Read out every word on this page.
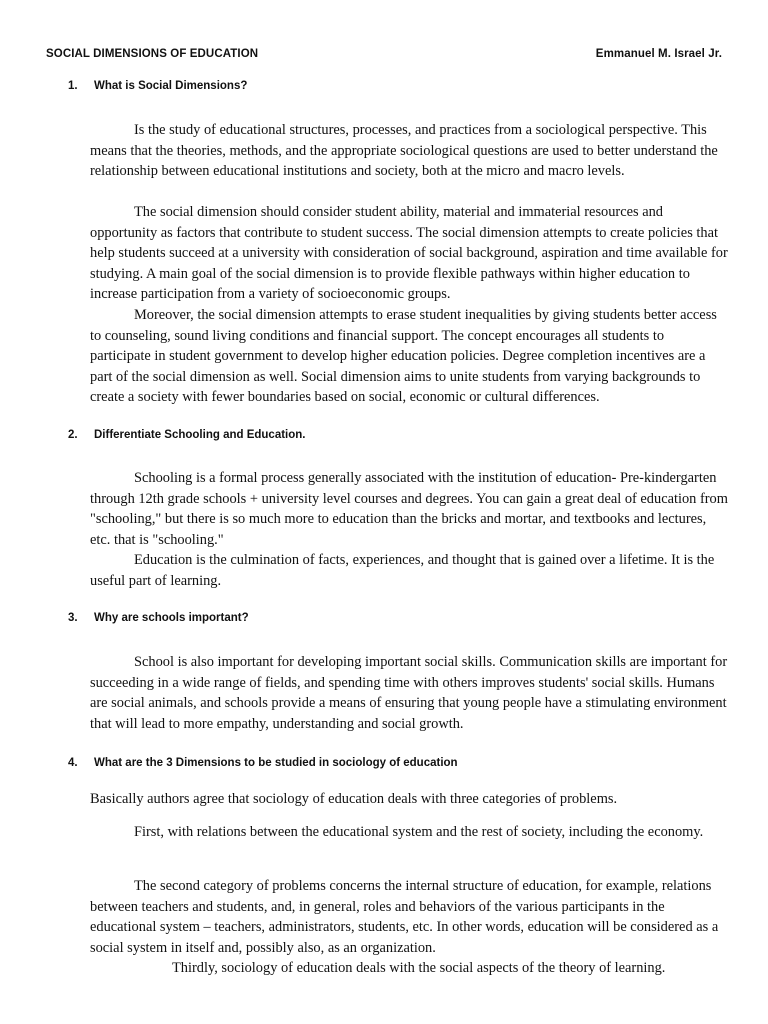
SOCIAL DIMENSIONS OF EDUCATION	Emmanuel M. Israel Jr.
1. What is Social Dimensions?

Is the study of educational structures, processes, and practices from a sociological perspective. This means that the theories, methods, and the appropriate sociological questions are used to better understand the relationship between educational institutions and society, both at the micro and macro levels.

The social dimension should consider student ability, material and immaterial resources and opportunity as factors that contribute to student success. The social dimension attempts to create policies that help students succeed at a university with consideration of social background, aspiration and time available for studying. A main goal of the social dimension is to provide flexible pathways within higher education to increase participation from a variety of socioeconomic groups.

Moreover, the social dimension attempts to erase student inequalities by giving students better access to counseling, sound living conditions and financial support. The concept encourages all students to participate in student government to develop higher education policies. Degree completion incentives are a part of the social dimension as well. Social dimension aims to unite students from varying backgrounds to create a society with fewer boundaries based on social, economic or cultural differences.

2. Differentiate Schooling and Education.

Schooling is a formal process generally associated with the institution of education- Pre-kindergarten through 12th grade schools + university level courses and degrees. You can gain a great deal of education from "schooling," but there is so much more to education than the bricks and mortar, and textbooks and lectures, etc. that is "schooling."

Education is the culmination of facts, experiences, and thought that is gained over a lifetime. It is the useful part of learning.

3. Why are schools important?

School is also important for developing important social skills. Communication skills are important for succeeding in a wide range of fields, and spending time with others improves students' social skills. Humans are social animals, and schools provide a means of ensuring that young people have a stimulating environment that will lead to more empathy, understanding and social growth.

4. What are the 3 Dimensions to be studied in sociology of education

Basically authors agree that sociology of education deals with three categories of problems.

First, with relations between the educational system and the rest of society, including the economy.

The second category of problems concerns the internal structure of education, for example, relations between teachers and students, and, in general, roles and behaviors of the various participants in the educational system – teachers, administrators, students, etc. In other words, education will be considered as a social system in itself and, possibly also, as an organization.

Thirdly, sociology of education deals with the social aspects of the theory of learning.
